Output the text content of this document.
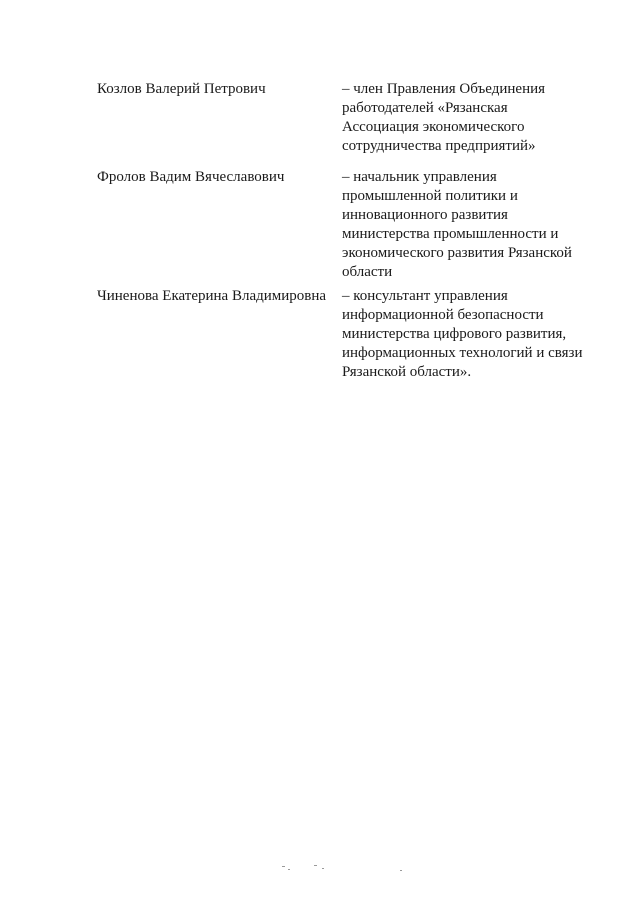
Козлов Валерий Петрович	– член Правления Объединения
работодателей «Рязанская
Ассоциация экономического
сотрудничества предприятий»
Фролов Вадим Вячеславович	– начальник управления
промышленной политики и
инновационного развития
министерства промышленности и
экономического развития Рязанской
области
Чиненова Екатерина Владимировна	– консультант управления
информационной безопасности
министерства цифрового развития,
информационных технологий и связи
Рязанской области».
